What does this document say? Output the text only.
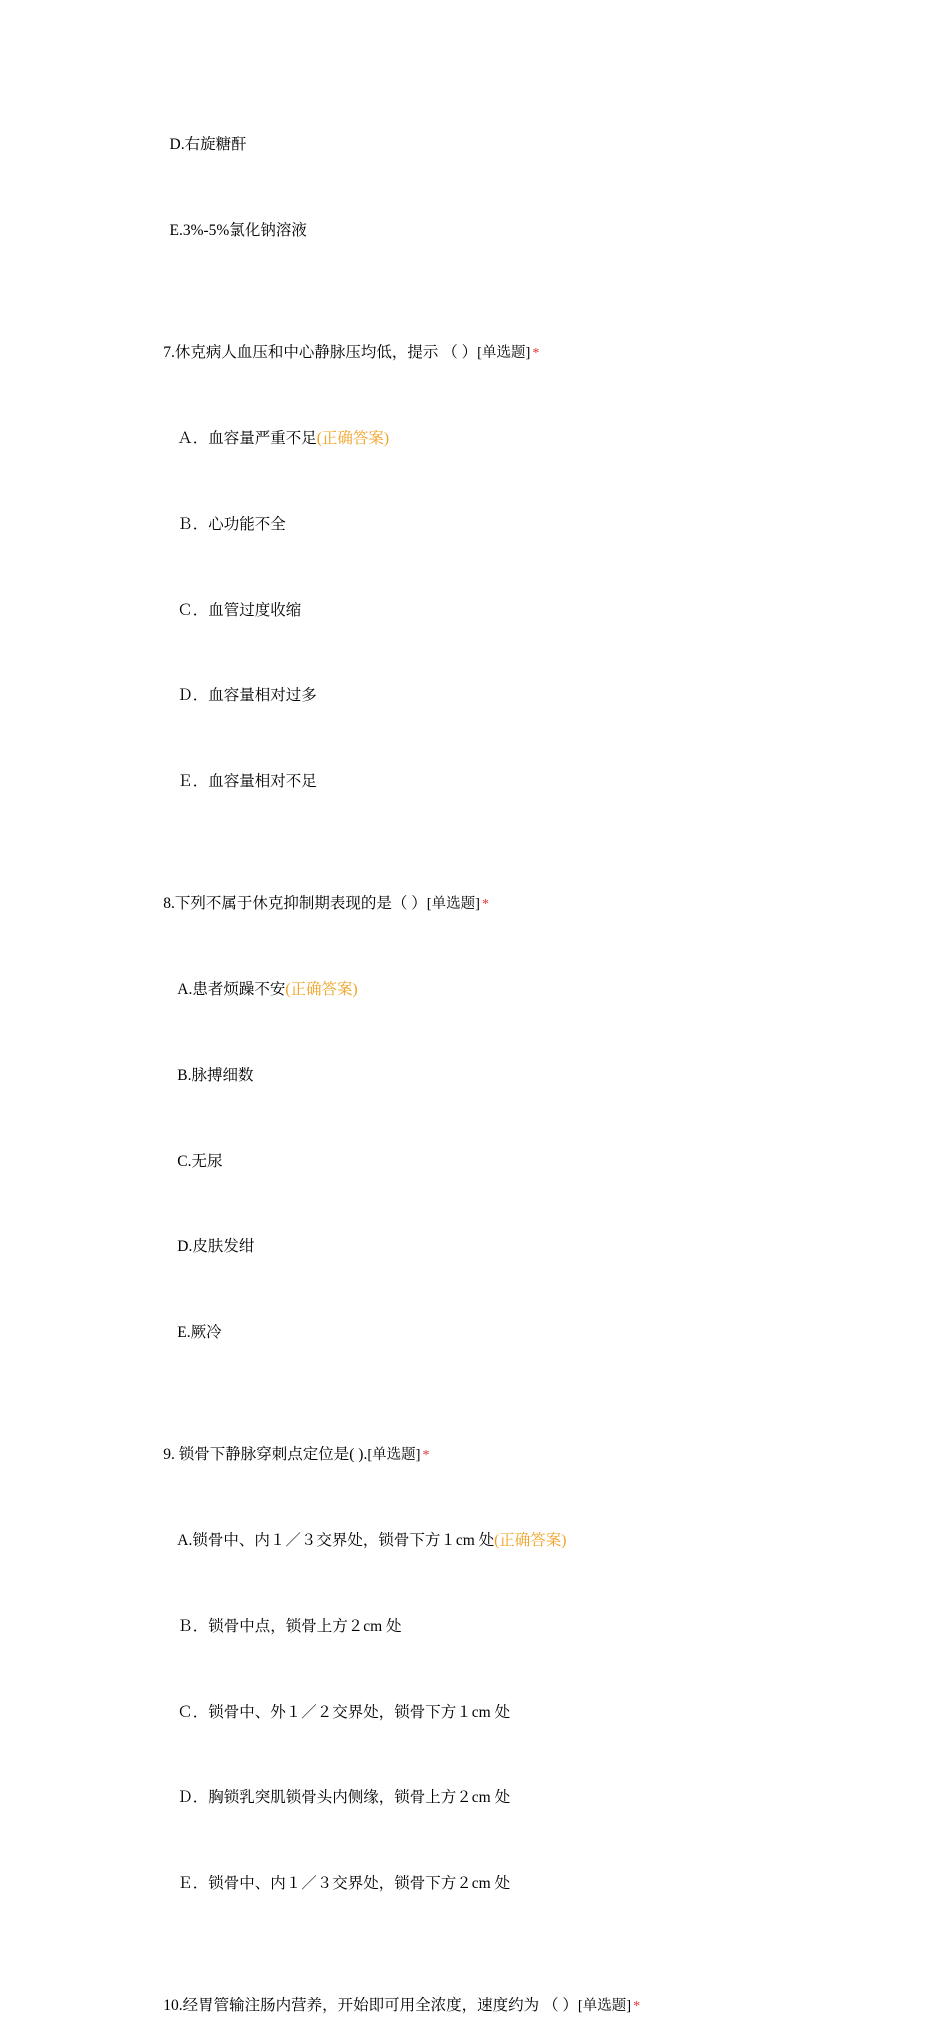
D.右旋糖酐

E.3%-5%氯化钠溶液

7.休克病人血压和中心静脉压均低，提示 （ ）[单选题] *

Ａ．血容量严重不足(正确答案)

Ｂ．心功能不全

Ｃ．血管过度收缩

Ｄ．血容量相对过多

Ｅ．血容量相对不足

8.下列不属于休克抑制期表现的是（ ）[单选题] *

A.患者烦躁不安(正确答案)

B.脉搏细数

C.无尿

D.皮肤发绀

E.厥冷

9. 锁骨下静脉穿刺点定位是( ).[单选题] *

A.锁骨中、内１／３交界处，锁骨下方１cm 处(正确答案)

Ｂ．锁骨中点，锁骨上方２cm 处

Ｃ．锁骨中、外１／２交界处，锁骨下方１cm 处

Ｄ．胸锁乳突肌锁骨头内侧缘，锁骨上方２cm 处

Ｅ．锁骨中、内１／３交界处，锁骨下方２cm 处

10.经胃管输注肠内营养，开始即可用全浓度，速度约为 （ ）[单选题] *
